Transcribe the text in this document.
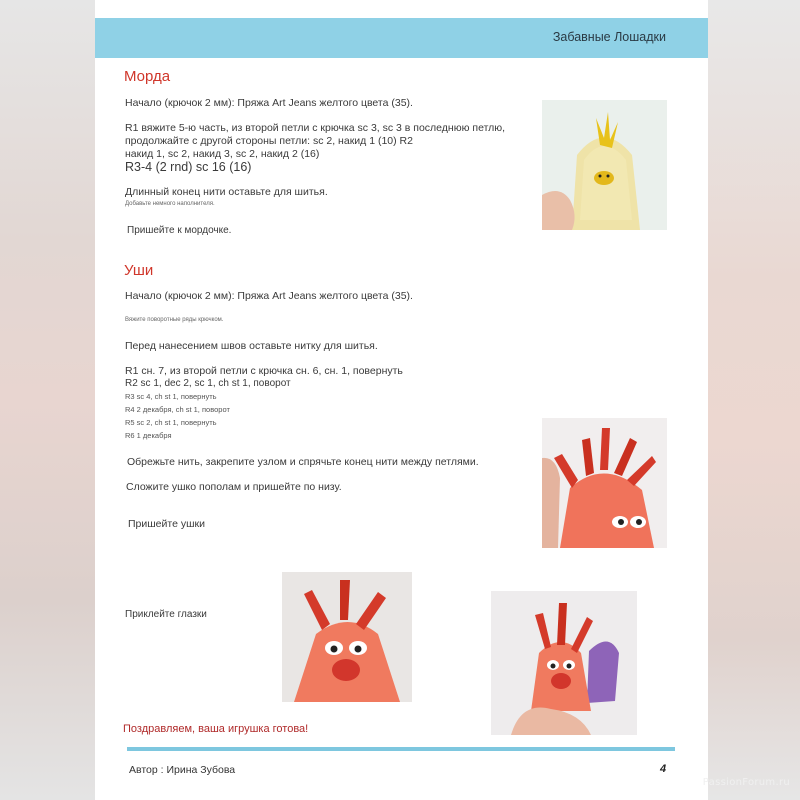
Забавные Лошадки
Морда
Начало (крючок 2 мм): Пряжа Art Jeans желтого цвета (35).
R1 вяжите 5-ю часть, из второй петли с крючка sc 3, sc 3 в последнюю петлю,
продолжайте с другой стороны петли: sc 2, накид 1 (10) R2
накид 1, sc 2, накид 3, sc 2, накид 2 (16)
R3-4 (2 rnd) sc 16 (16)
Длинный конец нити оставьте для шитья.
Добавьте немного наполнителя.
Пришейте к мордочке.
Уши
Начало (крючок 2 мм): Пряжа Art Jeans желтого цвета (35).
Вяжите поворотные ряды крючком.
Перед нанесением швов оставьте нитку для шитья.
R1 сн. 7, из второй петли с крючка сн. 6, сн. 1, повернуть
R2 sc 1, dec 2, sc 1, ch st 1, поворот
R3 sc 4, ch st 1, повернуть
R4 2 декабря, ch st 1, поворот
R5 sc 2, ch st 1, повернуть
R6 1 декабря
Обрежьте нить, закрепите узлом и спрячьте конец нити между петлями.
Сложите ушко пополам и пришейте по низу.
Пришейте ушки
Приклейте глазки
Поздравляем, ваша игрушка готова!
Автор : Ирина Зубова	4
PassionForum.ru
